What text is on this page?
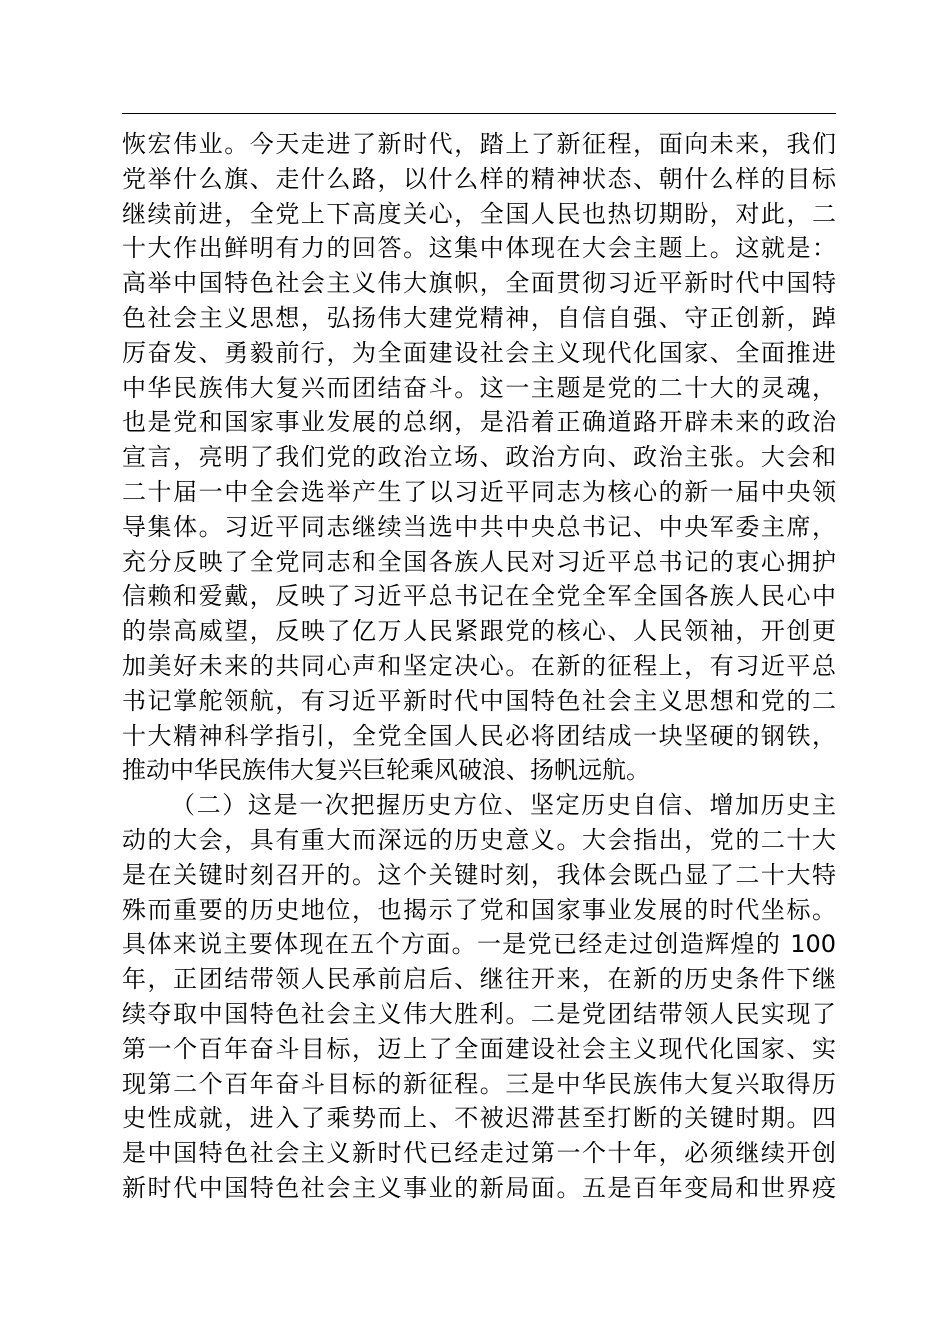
恢宏伟业。今天走进了新时代，踏上了新征程，面向未来，我们
党举什么旗、走什么路，以什么样的精神状态、朝什么样的目标
继续前进，全党上下高度关心，全国人民也热切期盼，对此，二
十大作出鲜明有力的回答。这集中体现在大会主题上。这就是：
高举中国特色社会主义伟大旗帜，全面贯彻习近平新时代中国特
色社会主义思想，弘扬伟大建党精神，自信自强、守正创新，踔
厉奋发、勇毅前行，为全面建设社会主义现代化国家、全面推进
中华民族伟大复兴而团结奋斗。这一主题是党的二十大的灵魂，
也是党和国家事业发展的总纲，是沿着正确道路开辟未来的政治
宣言，亮明了我们党的政治立场、政治方向、政治主张。大会和
二十届一中全会选举产生了以习近平同志为核心的新一届中央领
导集体。习近平同志继续当选中共中央总书记、中央军委主席，
充分反映了全党同志和全国各族人民对习近平总书记的衷心拥护
信赖和爱戴，反映了习近平总书记在全党全军全国各族人民心中
的崇高威望，反映了亿万人民紧跟党的核心、人民领袖，开创更
加美好未来的共同心声和坚定决心。在新的征程上，有习近平总
书记掌舵领航，有习近平新时代中国特色社会主义思想和党的二
十大精神科学指引，全党全国人民必将团结成一块坚硬的钢铁，
推动中华民族伟大复兴巨轮乘风破浪、扬帆远航。
（二）这是一次把握历史方位、坚定历史自信、增加历史主
动的大会，具有重大而深远的历史意义。大会指出，党的二十大
是在关键时刻召开的。这个关键时刻，我体会既凸显了二十大特
殊而重要的历史地位，也揭示了党和国家事业发展的时代坐标。
具体来说主要体现在五个方面。一是党已经走过创造辉煌的 100
年，正团结带领人民承前启后、继往开来，在新的历史条件下继
续夺取中国特色社会主义伟大胜利。二是党团结带领人民实现了
第一个百年奋斗目标，迈上了全面建设社会主义现代化国家、实
现第二个百年奋斗目标的新征程。三是中华民族伟大复兴取得历
史性成就，进入了乘势而上、不被迟滞甚至打断的关键时期。四
是中国特色社会主义新时代已经走过第一个十年，必须继续开创
新时代中国特色社会主义事业的新局面。五是百年变局和世界疫
